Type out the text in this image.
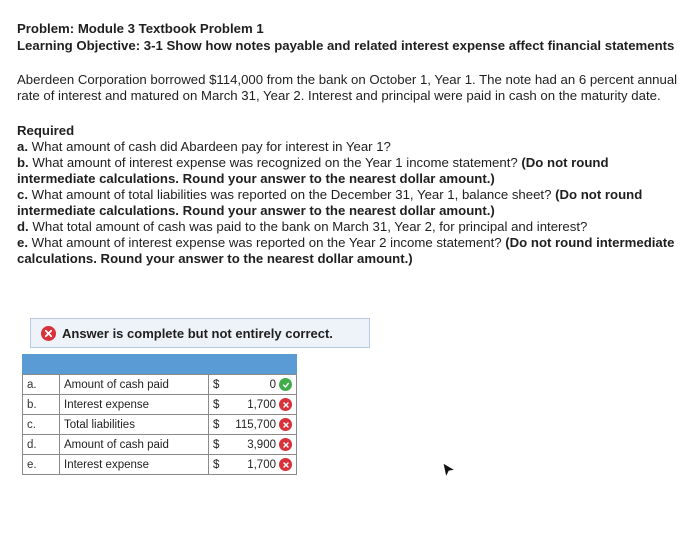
Problem: Module 3 Textbook Problem 1

Learning Objective: 3-1 Show how notes payable and related interest expense affect financial statements

Aberdeen Corporation borrowed $114,000 from the bank on October 1, Year 1. The note had an 6 percent annual rate of interest and matured on March 31, Year 2. Interest and principal were paid in cash on the maturity date.

Required

a. What amount of cash did Abardeen pay for interest in Year 1?

b. What amount of interest expense was recognized on the Year 1 income statement? (Do not round intermediate calculations. Round your answer to the nearest dollar amount.)

c. What amount of total liabilities was reported on the December 31, Year 1, balance sheet? (Do not round intermediate calculations. Round your answer to the nearest dollar amount.)

d. What total amount of cash was paid to the bank on March 31, Year 2, for principal and interest?

e. What amount of interest expense was reported on the Year 2 income statement? (Do not round intermediate calculations. Round your answer to the nearest dollar amount.)

Answer is complete but not entirely correct.
a.	Amount of cash paid	$	0

b.	Interest expense	$	1,700

c.	Total liabilities	$	115,700

d.	Amount of cash paid	$	3,900

e.	Interest expense	$	1,700
